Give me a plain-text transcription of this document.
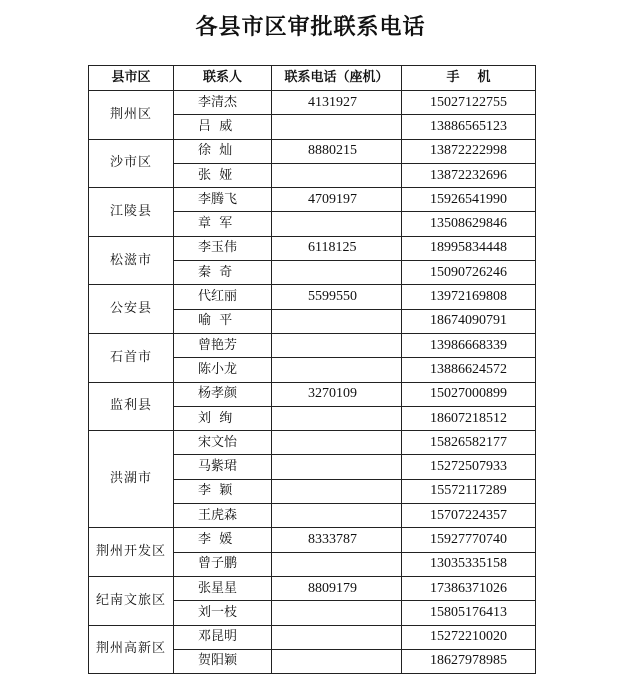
各县市区审批联系电话
县市区	联系人	联系电话（座机）	手    机
荆州区	李清杰	4131927	15027122755
	吕  威		13886565123
沙市区	徐  灿	8880215	13872222998
	张  娅		13872232696
江陵县	李腾飞	4709197	15926541990
	章  军		13508629846
松滋市	李玉伟	6118125	18995834448
	秦  奇		15090726246
公安县	代红丽	5599550	13972169808
	喻  平		18674090791
石首市	曾艳芳		13986668339
	陈小龙		13886624572
监利县	杨孝颜	3270109	15027000899
	刘  绚		18607218512
洪湖市	宋文怡		15826582177
	马紫珺		15272507933
	李  颖		15572117289
	王虎森		15707224357
荆州开发区	李  媛	8333787	15927770740
	曾子鹏		13035335158
纪南文旅区	张星星	8809179	17386371026
	刘一枝		15805176413
荆州高新区	邓昆明		15272210020
	贺阳颖		18627978985
